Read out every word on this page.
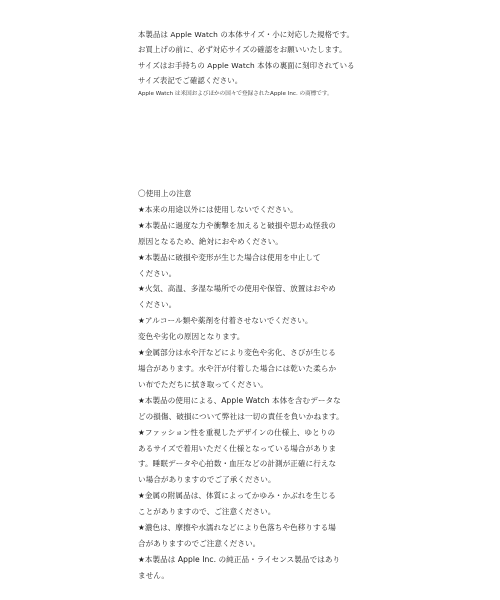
本製品は Apple Watch の本体サイズ・小に対応した規格です。
お買上げの前に、必ず対応サイズの確認をお願いいたします。
サイズはお手持ちの Apple Watch 本体の裏面に刻印されている
サイズ表記でご確認ください。
Apple Watch は米国およびほかの国々で登録されたApple Inc. の商標です。
〇使用上の注意
★本来の用途以外には使用しないでください。
★本製品に過度な力や衝撃を加えると破損や思わぬ怪我の
原因となるため、絶対におやめください。
★本製品に破損や変形が生じた場合は使用を中止して
ください。
★火気、高温、多湿な場所での使用や保管、放置はおやめ
ください。
★アルコール類や薬剤を付着させないでください。
変色や劣化の原因となります。
★金属部分は水や汗などにより変色や劣化、さびが生じる
場合があります。水や汗が付着した場合には乾いた柔らか
い布でただちに拭き取ってください。
★本製品の使用による、Apple Watch 本体を含むデータな
どの損傷、破損について弊社は一切の責任を負いかねます。
★ファッション性を重視したデザインの仕様上、ゆとりの
あるサイズで着用いただく仕様となっている場合がありま
す。睡眠データや心拍数・血圧などの計測が正確に行えな
い場合がありますのでご了承ください。
★金属の附属品は、体質によってかゆみ・かぶれを生じる
ことがありますので、ご注意ください。
★濃色は、摩擦や水濡れなどにより色落ちや色移りする場
合がありますのでご注意ください。
★本製品は Apple Inc. の純正品・ライセンス製品ではあり
ません。
